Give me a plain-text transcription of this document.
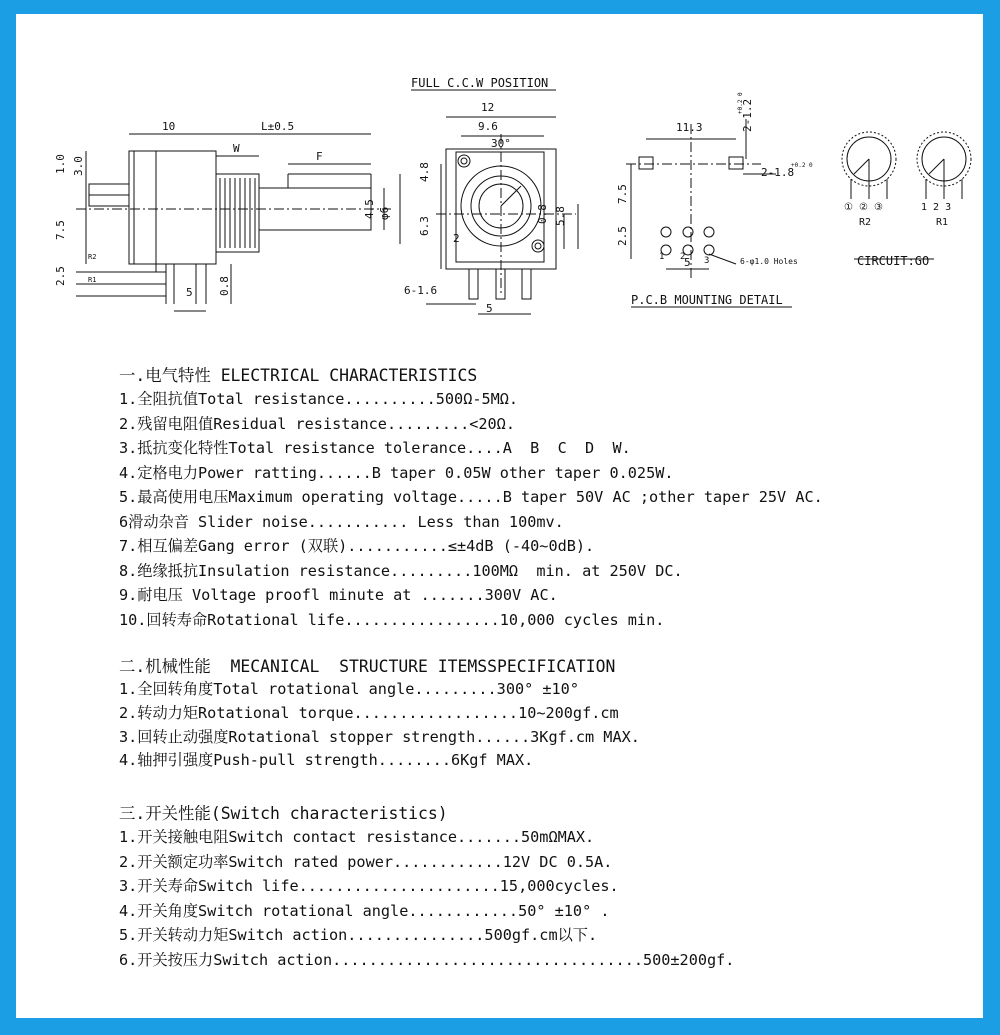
FULL C.C.W POSITION
P.C.B MOUNTING DETAIL
CIRCUIT:GO
10	L±0.5
W
F
1.0 3.0
7.5
2.5
R2
R1
5 0.8
4.5 φ6
12
9.6
30°
4.8
6.3
2
0.8 5.8
6-1.6
5
11.3	2-1.2
+0.2 0
2-1.8
+0.2 0
7.5
2.5
5	6-φ1.0 Holes
1 2 3
① ② ③	1 2 3
R2	R1
一.电气特性 ELECTRICAL CHARACTERISTICS
1.全阻抗值Total resistance..........500Ω-5MΩ.
2.残留电阻值Residual resistance.........<20Ω.
3.抵抗变化特性Total resistance tolerance....A  B  C  D  W.
4.定格电力Power ratting......B taper 0.05W other taper 0.025W.
5.最高使用电压Maximum operating voltage.....B taper 50V AC ;other taper 25V AC.
6滑动杂音 Slider noise........... Less than 100mv.
7.相互偏差Gang error (双联)...........≤±4dB (-40~0dB).
8.绝缘抵抗Insulation resistance.........100MΩ  min. at 250V DC.
9.耐电压 Voltage proofl minute at .......300V AC.
10.回转寿命Rotational life.................10,000 cycles min.
二.机械性能  MECANICAL  STRUCTURE ITEMSSPECIFICATION
1.全回转角度Total rotational angle.........300° ±10°
2.转动力矩Rotational torque..................10~200gf.cm
3.回转止动强度Rotational stopper strength......3Kgf.cm MAX.
4.轴押引强度Push-pull strength........6Kgf MAX.
三.开关性能(Switch characteristics)
1.开关接触电阻Switch contact resistance.......50mΩMAX.
2.开关额定功率Switch rated power............12V DC 0.5A.
3.开关寿命Switch life......................15,000cycles.
4.开关角度Switch rotational angle............50° ±10° .
5.开关转动力矩Switch action...............500gf.cm以下.
6.开关按压力Switch action..................................500±200gf.
